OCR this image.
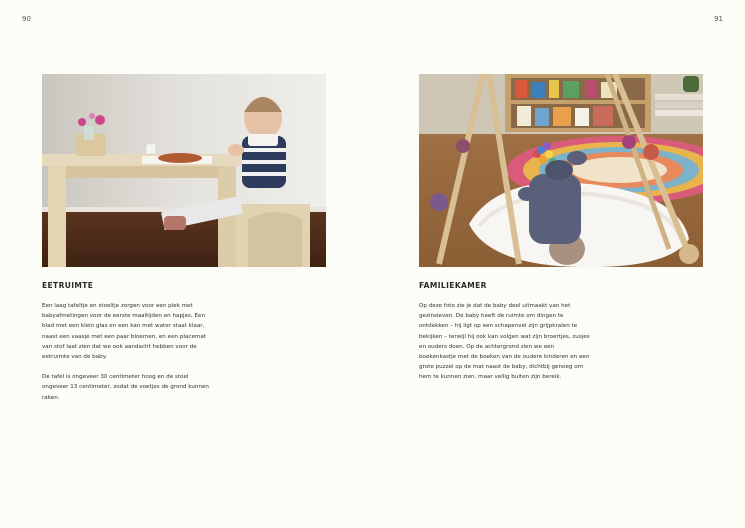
90	91
EETRUIMTE	FAMILIEKAMER

Een laag tafeltje en stoeltje zorgen voor een plek met babyafmetingen voor de eerste maaltijden en hapjes. Een blad met een klein glas en een kan met water staat klaar, naast een vaasje met een paar bloemen, en een placemat van stof laat zien dat we ook aandacht hebben voor de eetruimte van de baby.

De tafel is ongeveer 30 centimeter hoog en de stoel ongeveer 13 centimeter, zodat de voetjes de grond kunnen raken.

Op deze foto zie je dat de baby deel uitmaakt van het gezinsleven. De baby heeft de ruimte om dingen te ontdekken – hij ligt op een schapenvel zijn grijpkralen te bekijken – terwijl hij ook kan volgen wat zijn broertjes, zusjes en ouders doen. Op de achtergrond zien we een boekenkastje met de boeken van de oudere kinderen en een grote puzzel op de mat naast de baby, dichtbij genoeg om hem te kunnen zien, maar veilig buiten zijn bereik.
